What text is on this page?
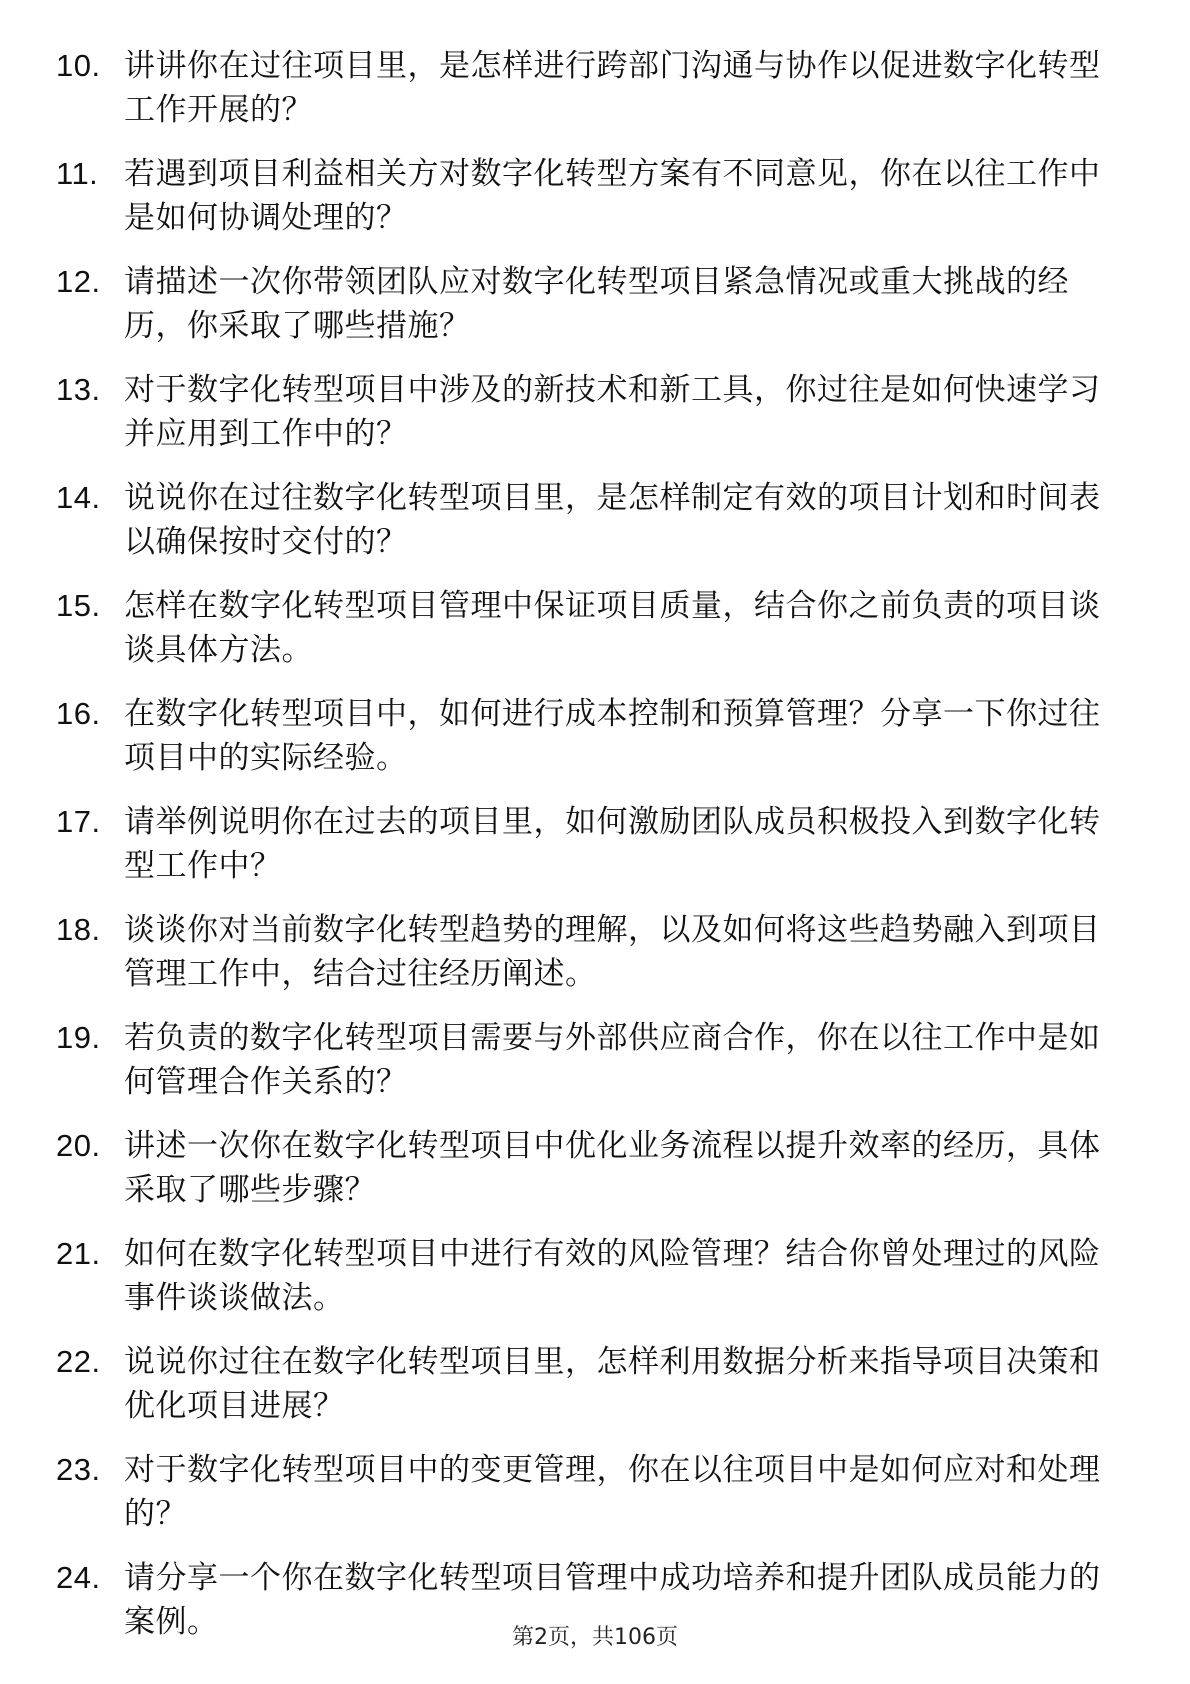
10. 讲讲你在过往项目里，是怎样进行跨部门沟通与协作以促进数字化转型工作开展的？
11. 若遇到项目利益相关方对数字化转型方案有不同意见，你在以往工作中是如何协调处理的？
12. 请描述一次你带领团队应对数字化转型项目紧急情况或重大挑战的经历，你采取了哪些措施？
13. 对于数字化转型项目中涉及的新技术和新工具，你过往是如何快速学习并应用到工作中的？
14. 说说你在过往数字化转型项目里，是怎样制定有效的项目计划和时间表以确保按时交付的？
15. 怎样在数字化转型项目管理中保证项目质量，结合你之前负责的项目谈谈具体方法。
16. 在数字化转型项目中，如何进行成本控制和预算管理？分享一下你过往项目中的实际经验。
17. 请举例说明你在过去的项目里，如何激励团队成员积极投入到数字化转型工作中？
18. 谈谈你对当前数字化转型趋势的理解，以及如何将这些趋势融入到项目管理工作中，结合过往经历阐述。
19. 若负责的数字化转型项目需要与外部供应商合作，你在以往工作中是如何管理合作关系的？
20. 讲述一次你在数字化转型项目中优化业务流程以提升效率的经历，具体采取了哪些步骤？
21. 如何在数字化转型项目中进行有效的风险管理？结合你曾处理过的风险事件谈谈做法。
22. 说说你过往在数字化转型项目里，怎样利用数据分析来指导项目决策和优化项目进展？
23. 对于数字化转型项目中的变更管理，你在以往项目中是如何应对和处理的？
24. 请分享一个你在数字化转型项目管理中成功培养和提升团队成员能力的案例。	第2页，共106页
